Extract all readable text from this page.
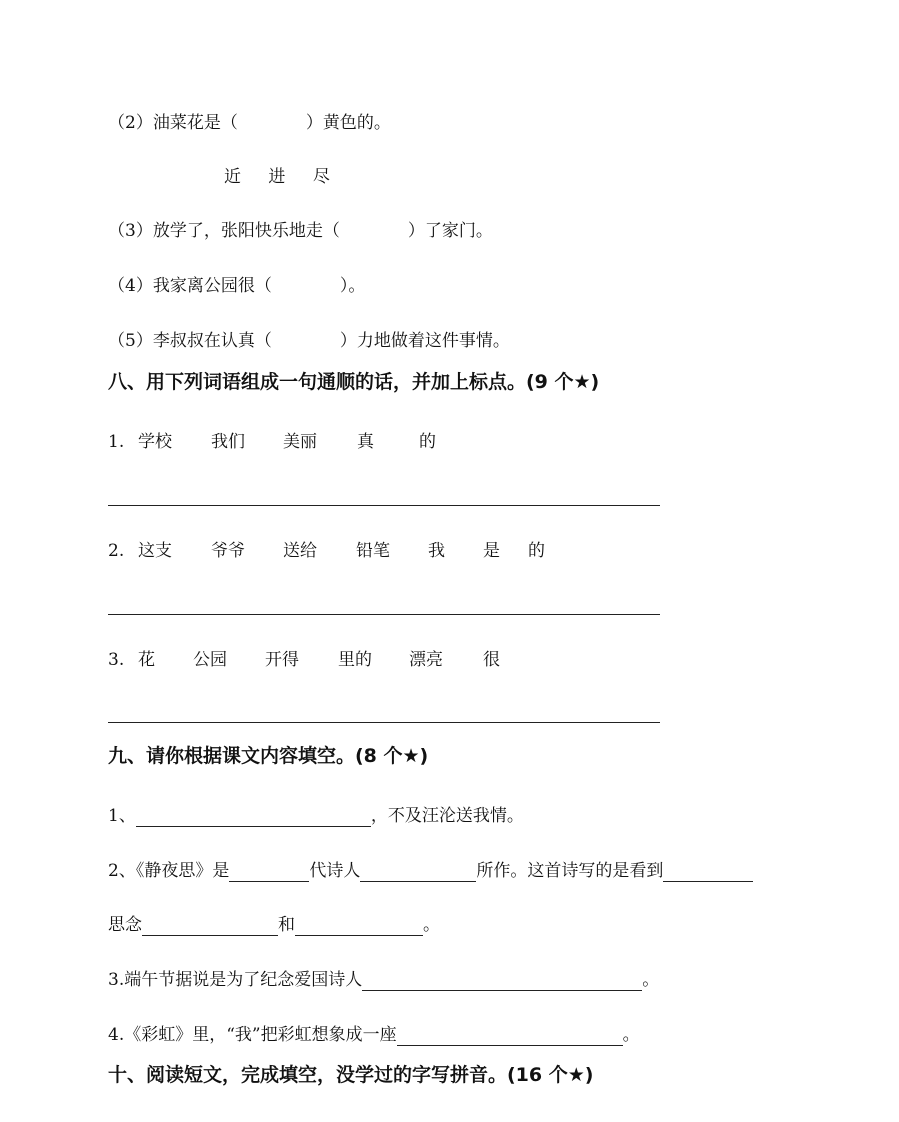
（2）油菜花是（	）黄色的。
近 进 尽
（3）放学了，张阳快乐地走（	）了家门。
（4）我家离公园很（	）。
（5）李叔叔在认真（	）力地做着这件事情。
八、用下列词语组成一句通顺的话，并加上标点。(9 个★)
1. 学校	我们	美丽	真	的
2. 这支	爷爷	送给	铅笔	我	是	的
3. 花	公园	开得	里的	漂亮	很
九、请你根据课文内容填空。(8 个★)
1、	，不及汪沦送我情。
2、《静夜思》是	代诗人	所作。这首诗写的是看到
思念	和	。
3.端午节据说是为了纪念爱国诗人	。
4.《彩虹》里，“我”把彩虹想象成一座	。
十、阅读短文，完成填空，没学过的字写拼音。(16 个★)
